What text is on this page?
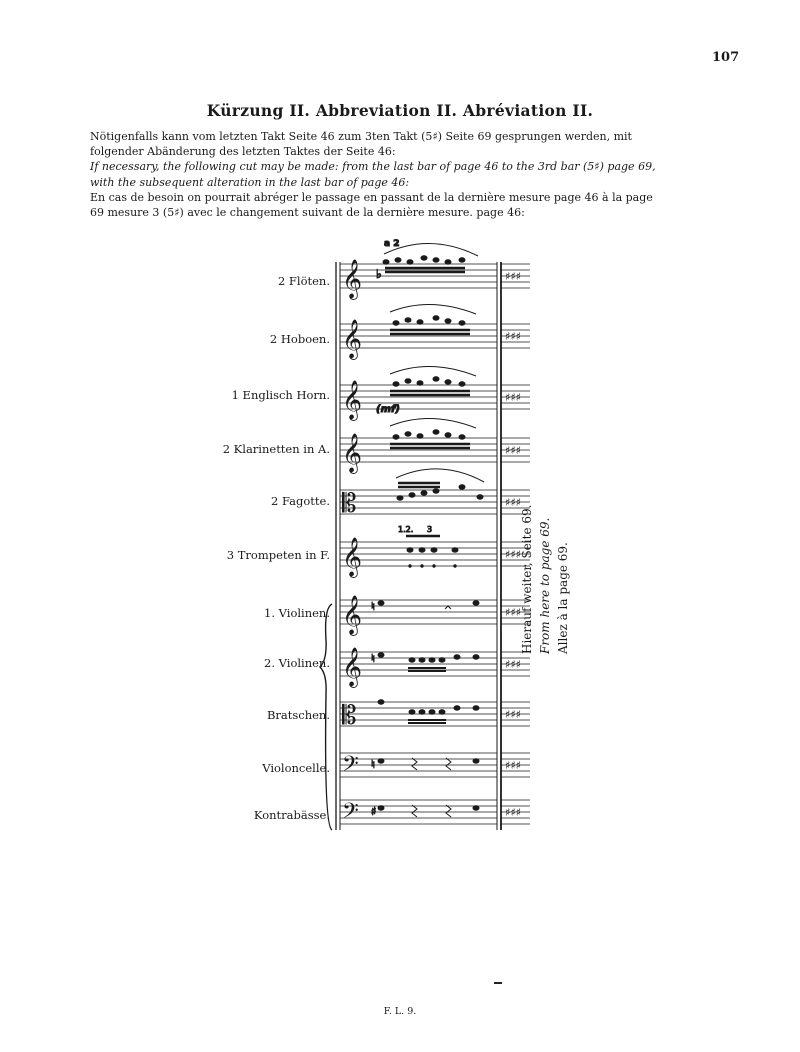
107
Kürzung II. Abbreviation II. Abréviation II.

Nötigenfalls kann vom letzten Takt Seite 46 zum 3ten Takt (5♯) Seite 69 gesprungen werden, mit folgender Abänderung des letzten Taktes der Seite 46:

If necessary, the following cut may be made: from the last bar of page 46 to the 3rd bar (5♯) page 69, with the subsequent alteration in the last bar of page 46:

En cas de besoin on pourrait abréger le passage en passant de la dernière mesure page 46 à la page 69 mesure 3 (5♯) avec le changement suivant de la dernière mesure. page 46:

2 Flöten.
2 Hoboen.
1 Englisch Horn.
2 Klarinetten in A.
2 Fagotte.
3 Trompeten in F.
1. Violinen.
2. Violinen.
Bratschen.
Violoncelle.
Kontrabässe.
𝄞
𝄞
𝄞
𝄞
𝄡
𝄞
𝄞
𝄞
𝄡
𝄢
𝄢
♯♯♯
♯♯♯
♯♯♯
♯♯♯
♯♯♯
♯♯♯
♯♯♯
♯♯♯
♯♯♯
♯♯♯
♯♯♯
♭
1.2. 3
♮
♮
♮
♯
a 2
(mf)
Hierauf weiter, Seite 69. From here to page 69. Allez à la page 69.
F. L. 9.
